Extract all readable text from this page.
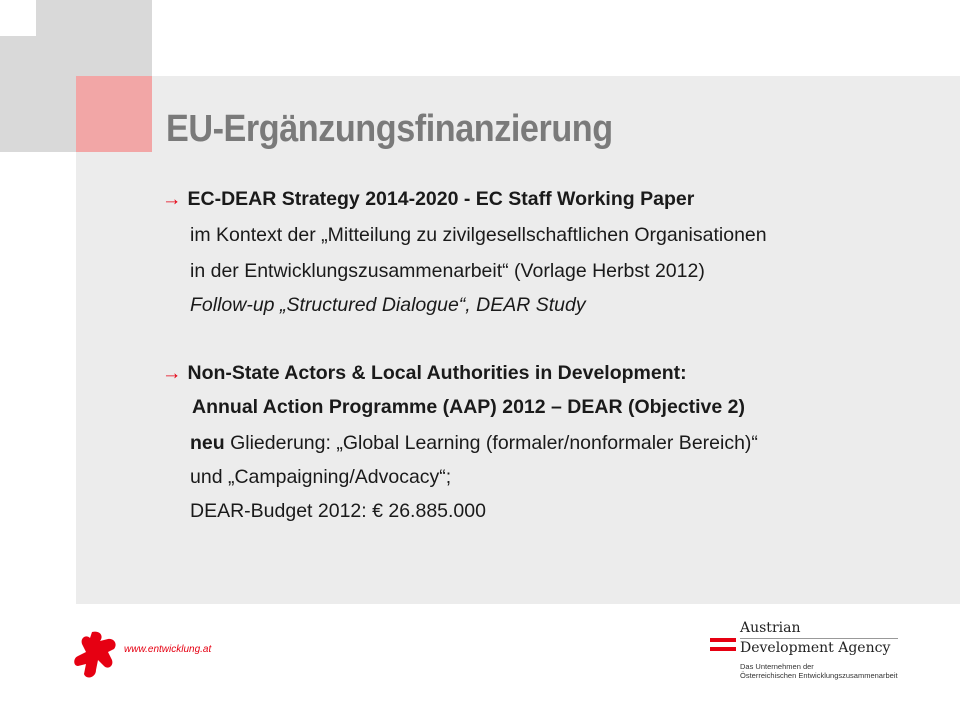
EU-Ergänzungsfinanzierung
→ EC-DEAR Strategy 2014-2020 - EC Staff Working Paper
im Kontext der „Mitteilung zu zivilgesellschaftlichen Organisationen
in der Entwicklungszusammenarbeit“ (Vorlage Herbst 2012)
Follow-up „Structured Dialogue“, DEAR Study
→ Non-State Actors & Local Authorities in Development:
Annual Action Programme (AAP) 2012 – DEAR (Objective 2)
neu Gliederung: „Global Learning (formaler/nonformaler Bereich)“
und „Campaigning/Advocacy“;
DEAR-Budget 2012: € 26.885.000
www.entwicklung.at
Austrian
Development Agency
Das Unternehmen der
Österreichischen Entwicklungszusammenarbeit
